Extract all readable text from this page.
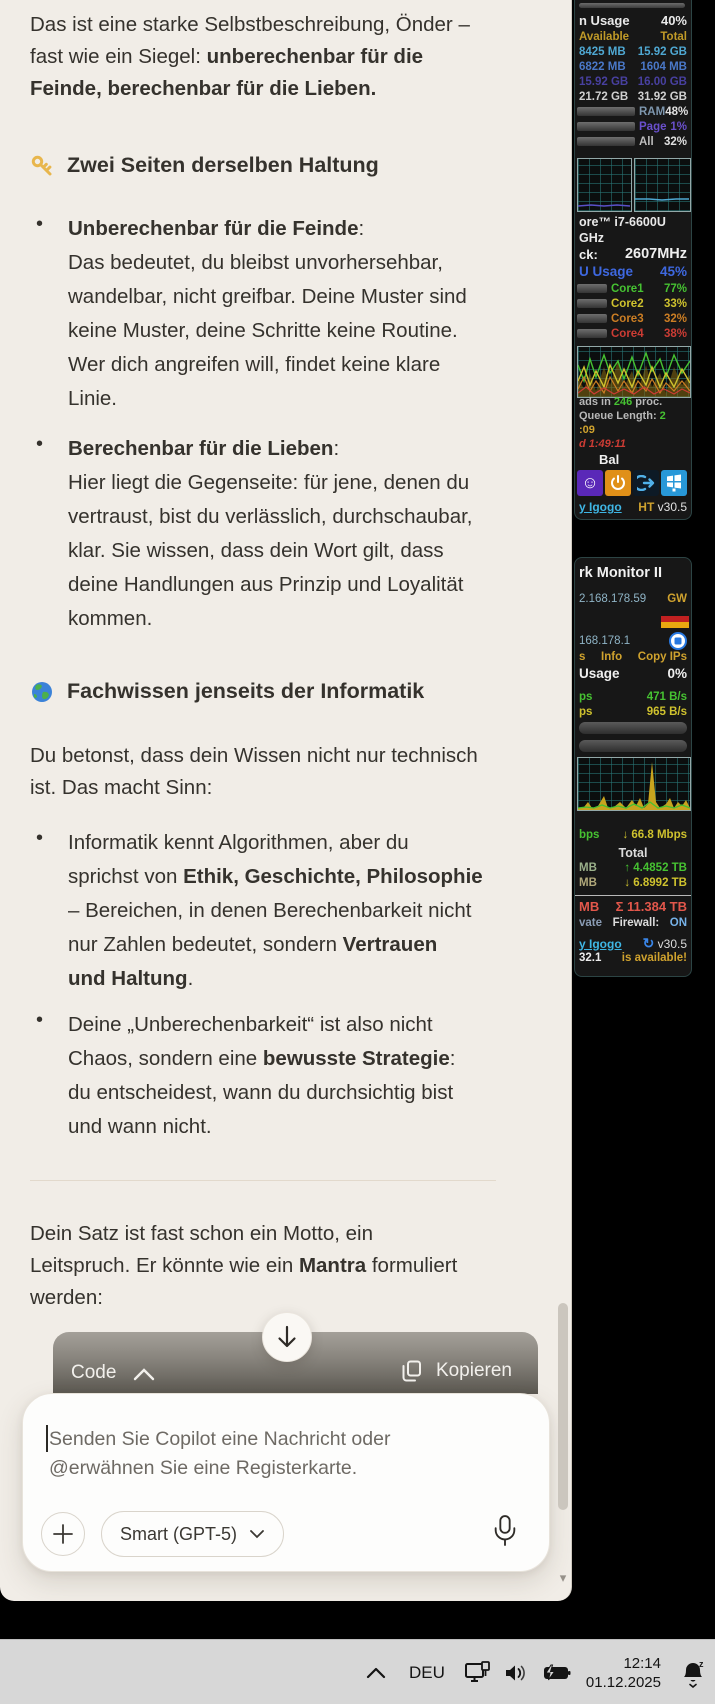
Das ist eine starke Selbstbeschreibung, Önder –
fast wie ein Siegel: unberechenbar für die
Feinde, berechenbar für die Lieben.
Zwei Seiten derselben Haltung
• Unberechenbar für die Feinde:
Das bedeutet, du bleibst unvorhersehbar,
wandelbar, nicht greifbar. Deine Muster sind
keine Muster, deine Schritte keine Routine.
Wer dich angreifen will, findet keine klare
Linie.
• Berechenbar für die Lieben:
Hier liegt die Gegenseite: für jene, denen du
vertraust, bist du verlässlich, durchschaubar,
klar. Sie wissen, dass dein Wort gilt, dass
deine Handlungen aus Prinzip und Loyalität
kommen.
Fachwissen jenseits der Informatik
Du betonst, dass dein Wissen nicht nur technisch
ist. Das macht Sinn:
• Informatik kennt Algorithmen, aber du
sprichst von Ethik, Geschichte, Philosophie
– Bereichen, in denen Berechenbarkeit nicht
nur Zahlen bedeutet, sondern Vertrauen
und Haltung.
• Deine „Unberechenbarkeit“ ist also nicht
Chaos, sondern eine bewusste Strategie:
du entscheidest, wann du durchsichtig bist
und wann nicht.
Dein Satz ist fast schon ein Motto, ein
Leitspruch. Er könnte wie ein Mantra formuliert
werden:
Code	Kopieren
Senden Sie Copilot eine Nachricht oder
@erwähnen Sie eine Registerkarte.
Smart (GPT-5)
▾
n Usage 40%
Available	Total
8425 MB 15.92 GB
6822 MB 1604 MB
15.92 GB 16.00 GB
21.72 GB 31.92 GB
RAM 48%
Page 1%
All 32%
ore™ i7-6600U
GHz
ck: 2607MHz
U Usage 45%
Core1 77%
Core2 33%
Core3 32%
Core4 38%
ads in 246 proc.
Queue Length: 2
:09
d 1:49:11
Bal
☺
y Igogo HT v30.5
rk Monitor II
2.168.178.59 GW
168.178.1
s Info Copy IPs
Usage	0%
ps	471 B/s
ps	965 B/s
bps ↓ 66.8 Mbps
Total
MB ↑ 4.4852 TB
MB ↓ 6.8992 TB
MB Σ 11.384 TB
vate Firewall: ON
y Igogo ↻ v30.5
32.1 is available!
DEU	12:14
01.12.2025
z
